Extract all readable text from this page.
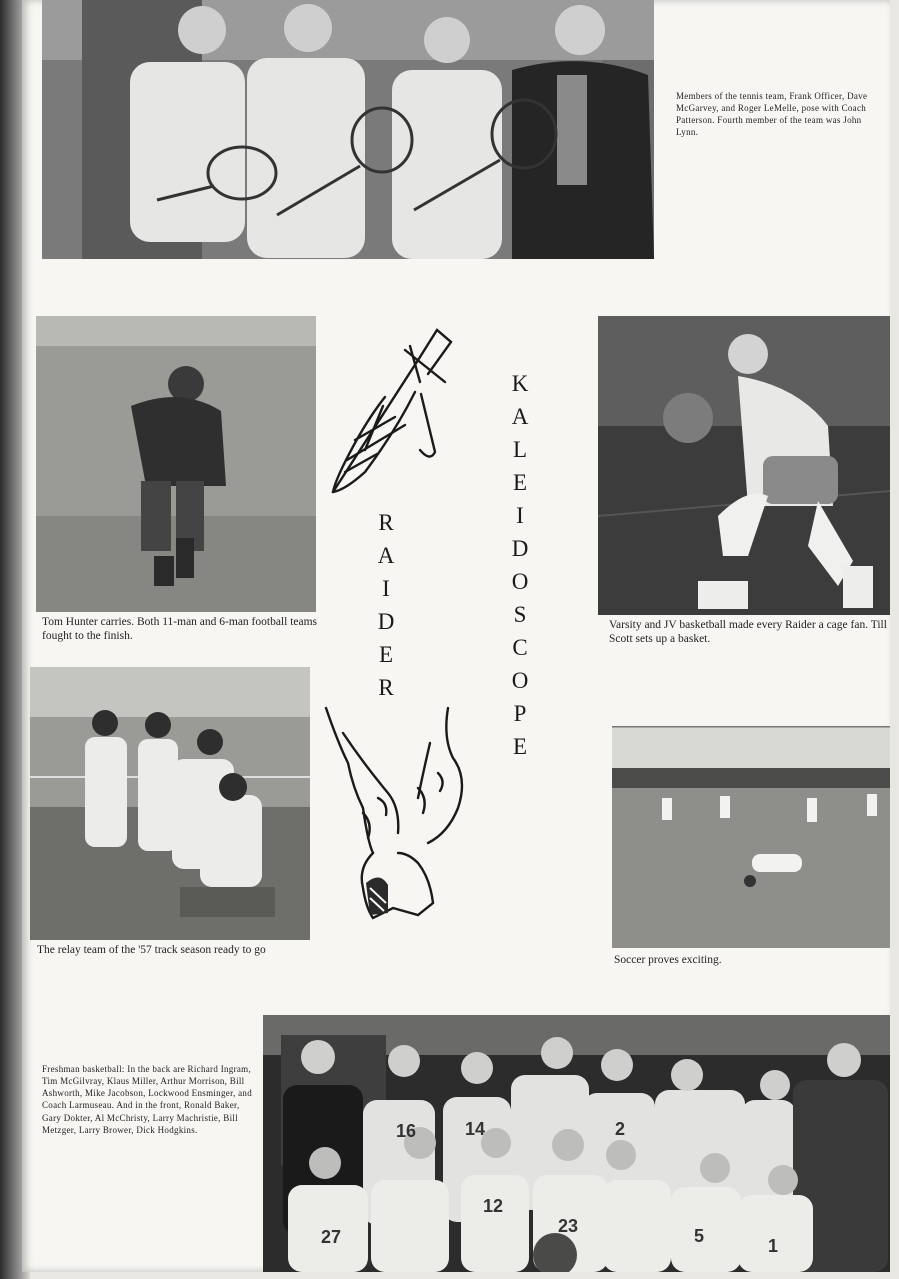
Members of the tennis team, Frank Officer, Dave McGarvey, and Roger LeMelle, pose with Coach Patterson. Fourth member of the team was John Lynn.
Tom Hunter carries. Both 11-man and 6-man football teams fought to the finish.
Varsity and JV basketball made every Raider a cage fan. Till Scott sets up a basket.
The relay team of the '57 track season ready to go
Soccer proves exciting.
16	14	2
27
12
23	5	1
Freshman basketball: In the back are Richard Ingram, Tim McGilvray, Klaus Miller, Arthur Morrison, Bill Ashworth, Mike Jacobson, Lockwood Ensminger, and Coach Larmuseau. And in the front, Ronald Baker, Gary Dokter, Al McChristy, Larry Machristie, Bill Metzger, Larry Brower, Dick Hodgkins.
R
A
I
D
E
R
K
A
L
E
I
D
O
S
C
O
P
E
